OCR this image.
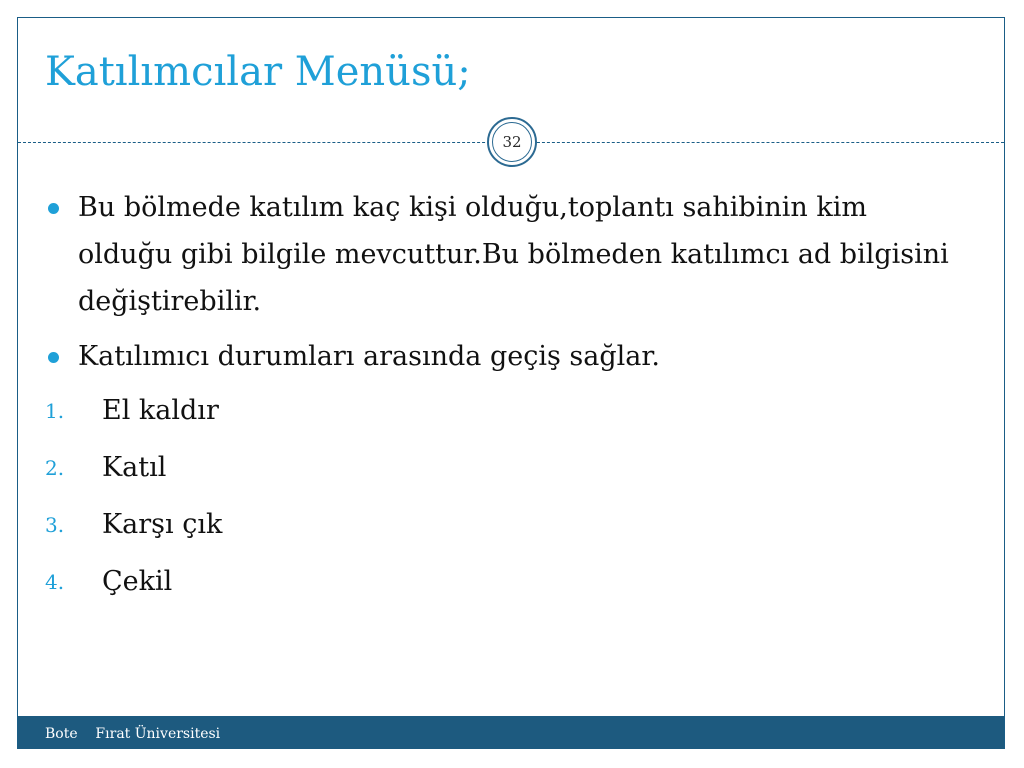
Katılımcılar Menüsü;
32
Bu bölmede katılım kaç kişi olduğu,toplantı sahibinin kim olduğu gibi bilgile mevcuttur.Bu bölmeden katılımcı ad bilgisini değiştirebilir.
Katılımıcı durumları arasında geçiş sağlar.
1. El kaldır
2. Katıl
3. Karşı çık
4. Çekil
Bote    Fırat Üniversitesi
